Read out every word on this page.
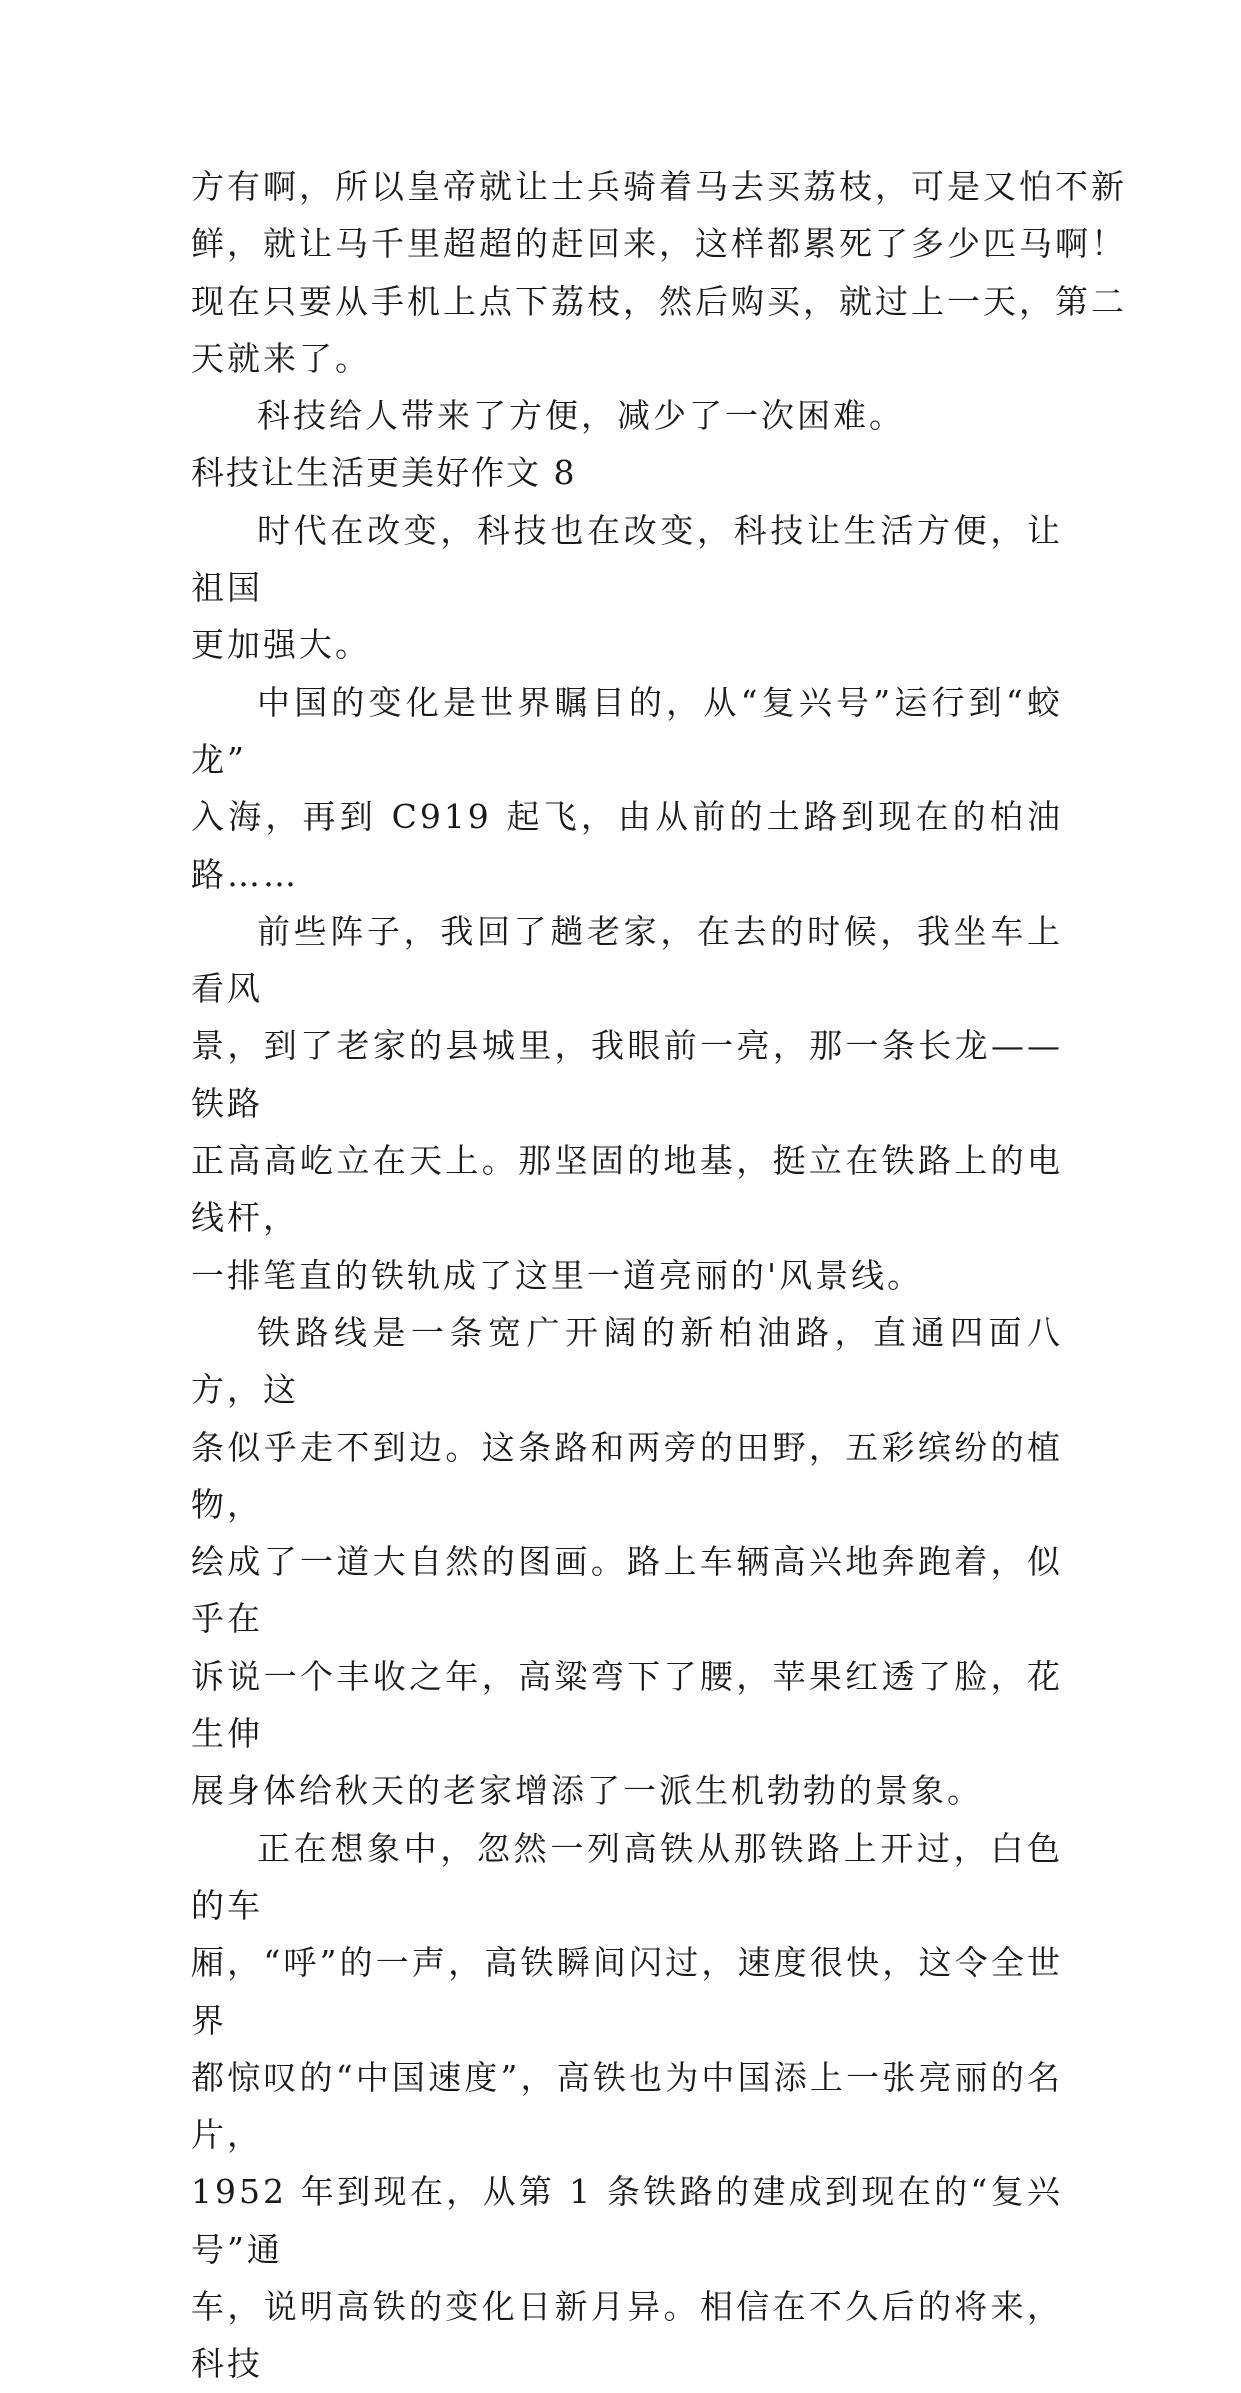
方有啊，所以皇帝就让士兵骑着马去买荔枝，可是又怕不新
鲜，就让马千里超超的赶回来，这样都累死了多少匹马啊！
现在只要从手机上点下荔枝，然后购买，就过上一天，第二
天就来了。

科技给人带来了方便，减少了一次困难。

科技让生活更美好作文 8

时代在改变，科技也在改变，科技让生活方便，让祖国
更加强大。

中国的变化是世界瞩目的，从“复兴号”运行到“蛟龙”
入海，再到 C919 起飞，由从前的土路到现在的柏油路……

前些阵子，我回了趟老家，在去的时候，我坐车上看风
景，到了老家的县城里，我眼前一亮，那一条长龙——铁路
正高高屹立在天上。那坚固的地基，挺立在铁路上的电线杆，
一排笔直的铁轨成了这里一道亮丽的'风景线。

铁路线是一条宽广开阔的新柏油路，直通四面八方，这
条似乎走不到边。这条路和两旁的田野，五彩缤纷的植物，
绘成了一道大自然的图画。路上车辆高兴地奔跑着，似乎在
诉说一个丰收之年，高粱弯下了腰，苹果红透了脸，花生伸
展身体给秋天的老家增添了一派生机勃勃的景象。

正在想象中，忽然一列高铁从那铁路上开过，白色的车
厢，“呼”的一声，高铁瞬间闪过，速度很快，这令全世界
都惊叹的“中国速度”，高铁也为中国添上一张亮丽的名片，
1952 年到现在，从第 1 条铁路的建成到现在的“复兴号”通
车，说明高铁的变化日新月异。相信在不久后的将来，科技
